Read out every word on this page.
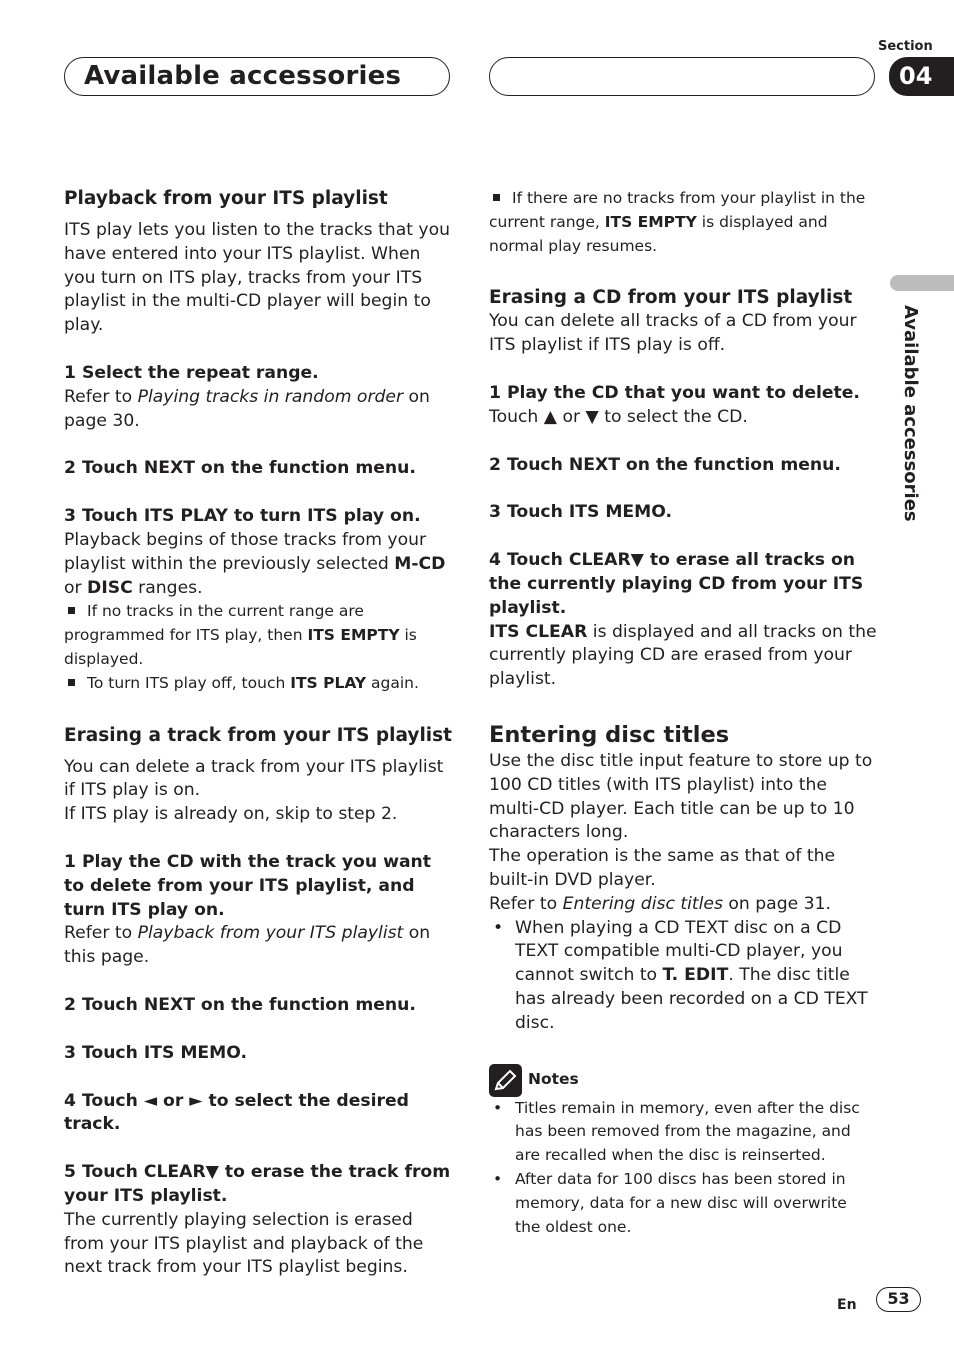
Available accessories
Section
04
Available accessories

Playback from your ITS playlist

ITS play lets you listen to the tracks that you have entered into your ITS playlist. When you turn on ITS play, tracks from your ITS playlist in the multi-CD player will begin to play.

1 Select the repeat range.

Refer to Playing tracks in random order on page 30.

2 Touch NEXT on the function menu.

3 Touch ITS PLAY to turn ITS play on.

Playback begins of those tracks from your playlist within the previously selected M-CD or DISC ranges.

If no tracks in the current range are programmed for ITS play, then ITS EMPTY is displayed.

To turn ITS play off, touch ITS PLAY again.

Erasing a track from your ITS playlist

You can delete a track from your ITS playlist if ITS play is on.

If ITS play is already on, skip to step 2.

1 Play the CD with the track you want to delete from your ITS playlist, and turn ITS play on.

Refer to Playback from your ITS playlist on this page.

2 Touch NEXT on the function menu.

3 Touch ITS MEMO.

4 Touch ◄ or ► to select the desired track.

5 Touch CLEAR▼ to erase the track from your ITS playlist.

The currently playing selection is erased from your ITS playlist and playback of the next track from your ITS playlist begins.

If there are no tracks from your playlist in the current range, ITS EMPTY is displayed and normal play resumes.

Erasing a CD from your ITS playlist

You can delete all tracks of a CD from your ITS playlist if ITS play is off.

1 Play the CD that you want to delete.

Touch ▲ or ▼ to select the CD.

2 Touch NEXT on the function menu.

3 Touch ITS MEMO.

4 Touch CLEAR▼ to erase all tracks on the currently playing CD from your ITS playlist.

ITS CLEAR is displayed and all tracks on the currently playing CD are erased from your playlist.

Entering disc titles

Use the disc title input feature to store up to 100 CD titles (with ITS playlist) into the multi-CD player. Each title can be up to 10 characters long.

The operation is the same as that of the built-in DVD player.

Refer to Entering disc titles on page 31.

• When playing a CD TEXT disc on a CD TEXT compatible multi-CD player, you cannot switch to T. EDIT. The disc title has already been recorded on a CD TEXT disc.
Notes
• Titles remain in memory, even after the disc has been removed from the magazine, and are recalled when the disc is reinserted.
• After data for 100 discs has been stored in memory, data for a new disc will overwrite the oldest one.
En	53
